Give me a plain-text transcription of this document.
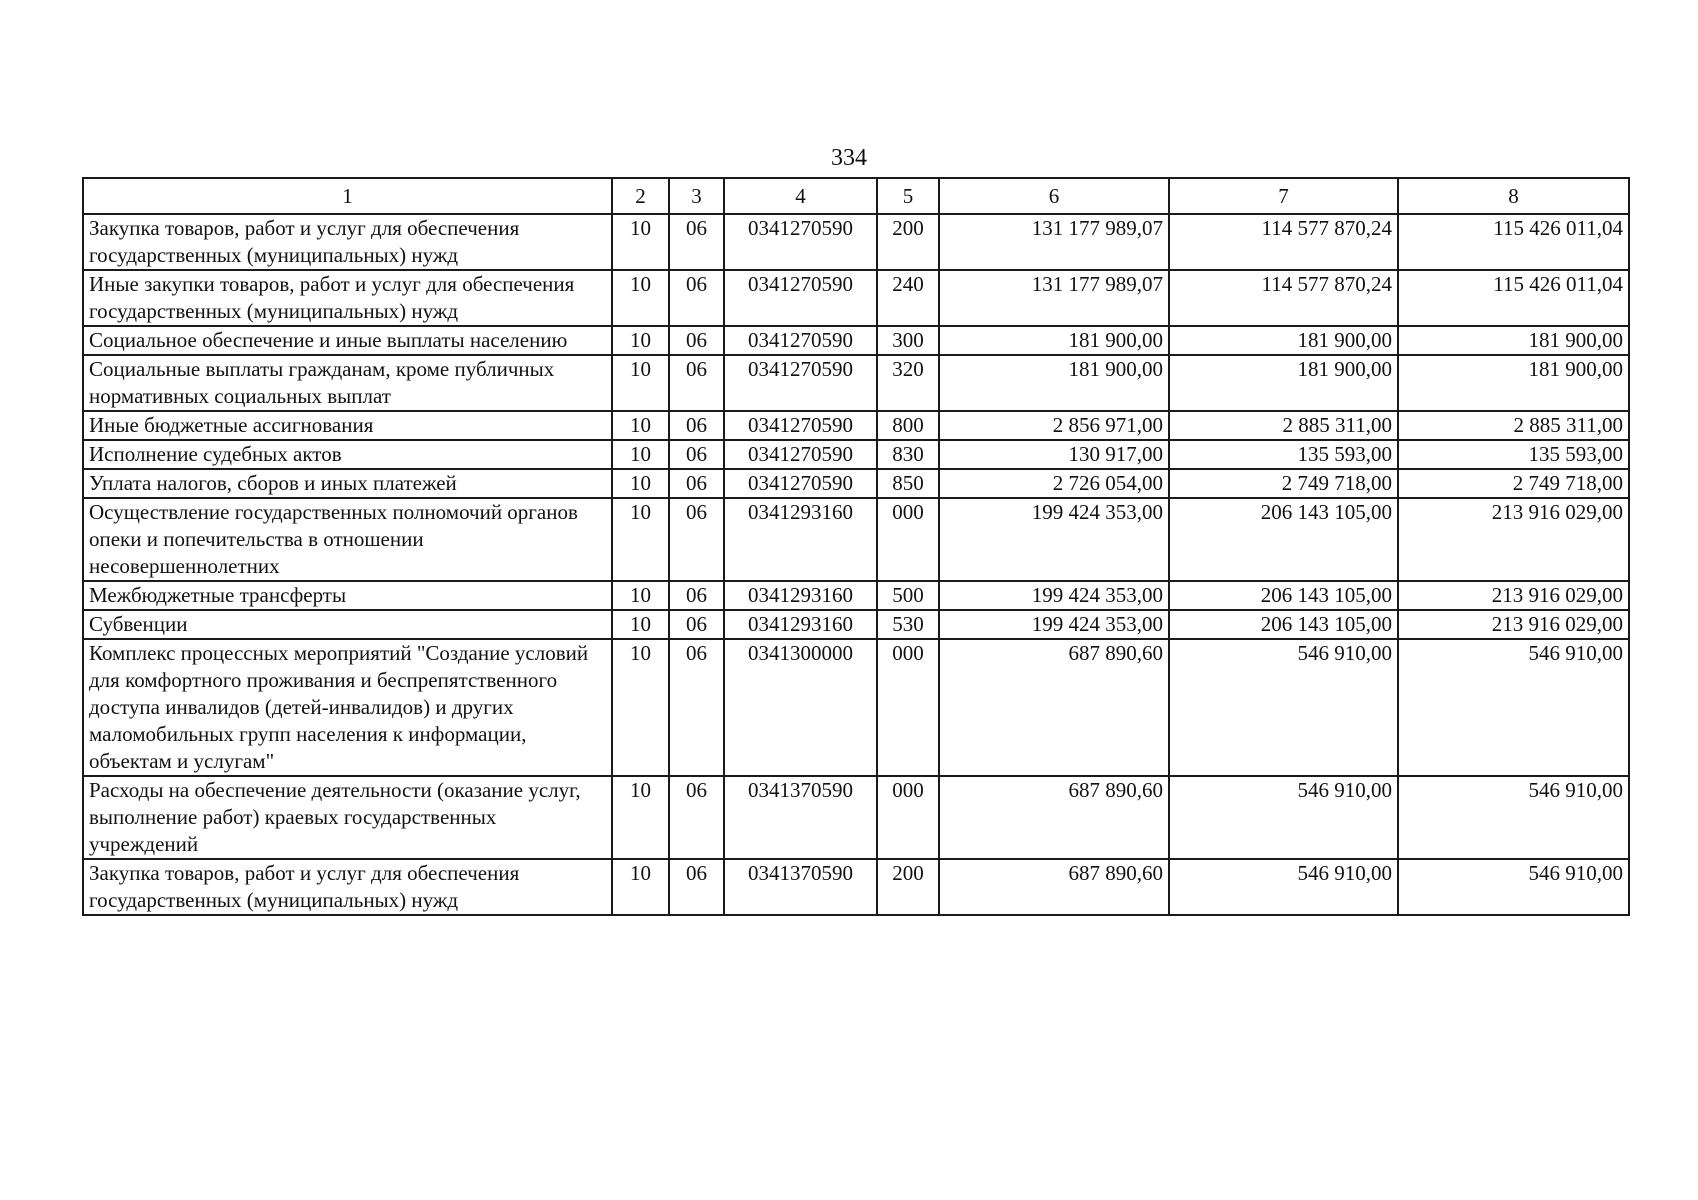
334
1	2	3	4	5	6	7	8
Закупка товаров, работ и услуг для обеспечения государственных (муниципальных) нужд	10	06	0341270590	200	131 177 989,07	114 577 870,24	115 426 011,04
Иные закупки товаров, работ и услуг для обеспечения государственных (муниципальных) нужд	10	06	0341270590	240	131 177 989,07	114 577 870,24	115 426 011,04
Социальное обеспечение и иные выплаты населению	10	06	0341270590	300	181 900,00	181 900,00	181 900,00
Социальные выплаты гражданам, кроме публичных нормативных социальных выплат	10	06	0341270590	320	181 900,00	181 900,00	181 900,00
Иные бюджетные ассигнования	10	06	0341270590	800	2 856 971,00	2 885 311,00	2 885 311,00
Исполнение судебных актов	10	06	0341270590	830	130 917,00	135 593,00	135 593,00
Уплата налогов, сборов и иных платежей	10	06	0341270590	850	2 726 054,00	2 749 718,00	2 749 718,00
Осуществление государственных полномочий органов опеки и попечительства в отношении несовершеннолетних	10	06	0341293160	000	199 424 353,00	206 143 105,00	213 916 029,00
Межбюджетные трансферты	10	06	0341293160	500	199 424 353,00	206 143 105,00	213 916 029,00
Субвенции	10	06	0341293160	530	199 424 353,00	206 143 105,00	213 916 029,00
Комплекс процессных мероприятий "Создание условий для комфортного проживания и беспрепятственного доступа инвалидов (детей-инвалидов) и других маломобильных групп населения к информации, объектам и услугам"	10	06	0341300000	000	687 890,60	546 910,00	546 910,00
Расходы на обеспечение деятельности (оказание услуг, выполнение работ) краевых государственных учреждений	10	06	0341370590	000	687 890,60	546 910,00	546 910,00
Закупка товаров, работ и услуг для обеспечения государственных (муниципальных) нужд	10	06	0341370590	200	687 890,60	546 910,00	546 910,00
